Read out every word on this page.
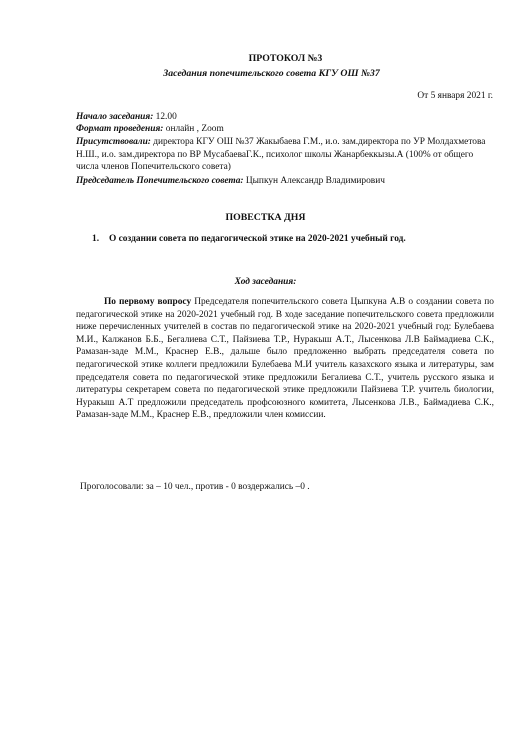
ПРОТОКОЛ №3
Заседания попечительского совета КГУ ОШ №37
От 5 января 2021 г.
Начало заседания: 12.00
Формат проведения: онлайн , Zoom
Присутствовали: директора КГУ ОШ №37 Жакыбаева Г.М., и.о. зам.директора по УР Молдахметова Н.Ш., и.о. зам.директора по ВР МусабаеваГ.К., психолог школы Жанарбеккызы.А (100% от общего числа членов Попечительского совета)
Председатель Попечительского совета: Цыпкун Александр Владимирович
ПОВЕСТКА ДНЯ
1. О создании совета по педагогической этике на 2020-2021 учебный год.
Ход заседания:
По первому вопросу Председателя попечительского совета Цыпкуна А.В о создании совета по педагогической этике на 2020-2021 учебный год. В ходе заседание попечительского совета предложили ниже перечисленных учителей в состав по педагогической этике на 2020-2021 учебный год: Булебаева М.И., Калжанов Б.Б., Бегалиева С.Т., Пайзиева Т.Р., Нуракыш А.Т., Лысенкова Л.В Баймадиева С.К., Рамазан-заде М.М., Краснер Е.В., дальше было предложенно выбрать председателя совета по педагогической этике коллеги предложили Булебаева М.И учитель казахского языка и литературы, зам председателя совета по педагогической этике предложили Бегалиева С.Т., учитель русского языка и литературы секретарем совета по педагогической этике предложили Пайзиева Т.Р. учитель биологии, Нуракыш А.Т предложили председатель профсоюзного комитета, Лысенкова Л.В., Баймадиева С.К., Рамазан-заде М.М., Краснер Е.В., предложили член комиссии.
Проголосовали: за – 10 чел., против - 0 воздержались –0 .
